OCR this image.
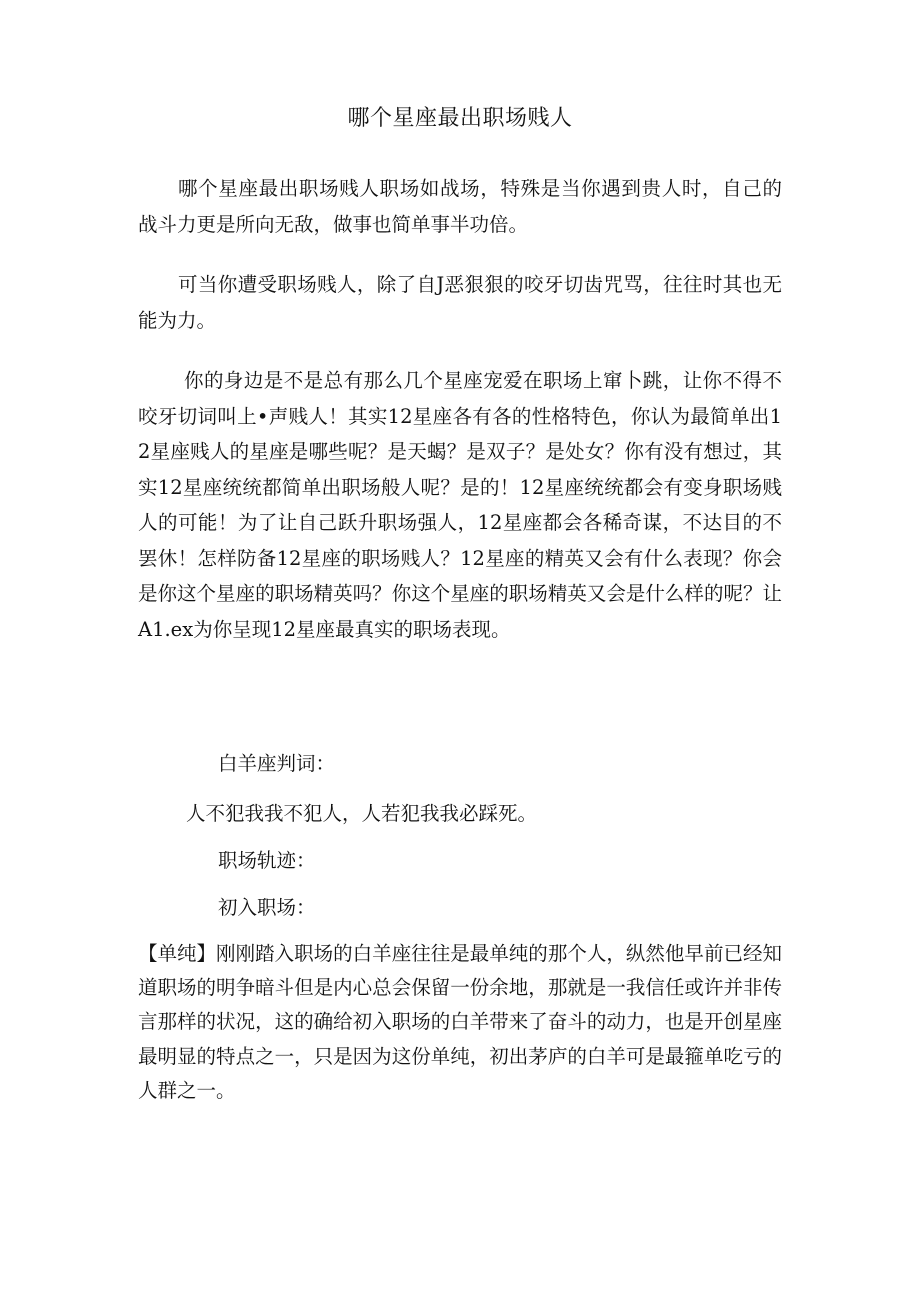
哪个星座最出职场贱人

哪个星座最出职场贱人职场如战场，特殊是当你遇到贵人时，自己的战斗力更是所向无敌，做事也简单事半功倍。

可当你遭受职场贱人，除了自J恶狠狠的咬牙切齿咒骂，往往时其也无能为力。

你的身边是不是总有那么几个星座宠爱在职场上窜卜跳，让你不得不咬牙切词叫上•声贱人！其实12星座各有各的性格特色，你认为最简单出12星座贱人的星座是哪些呢？是天蝎？是双子？是处女？你有没有想过，其实12星座统统都简单出职场般人呢？是的！12星座统统都会有变身职场贱人的可能！为了让自己跃升职场强人，12星座都会各稀奇谋，不达目的不罢休！怎样防备12星座的职场贱人？12星座的精英又会有什么表现？你会是你这个星座的职场精英吗？你这个星座的职场精英又会是什么样的呢？让A1.ex为你呈现12星座最真实的职场表现。

白羊座判词：

人不犯我我不犯人，人若犯我我必踩死。

职场轨迹：

初入职场：

【单纯】刚刚踏入职场的白羊座往往是最单纯的那个人，纵然他早前已经知道职场的明争暗斗但是内心总会保留一份余地，那就是一我信任或许并非传言那样的状况，这的确给初入职场的白羊带来了奋斗的动力，也是开创星座最明显的特点之一，只是因为这份单纯，初出茅庐的白羊可是最箍单吃亏的人群之一。
